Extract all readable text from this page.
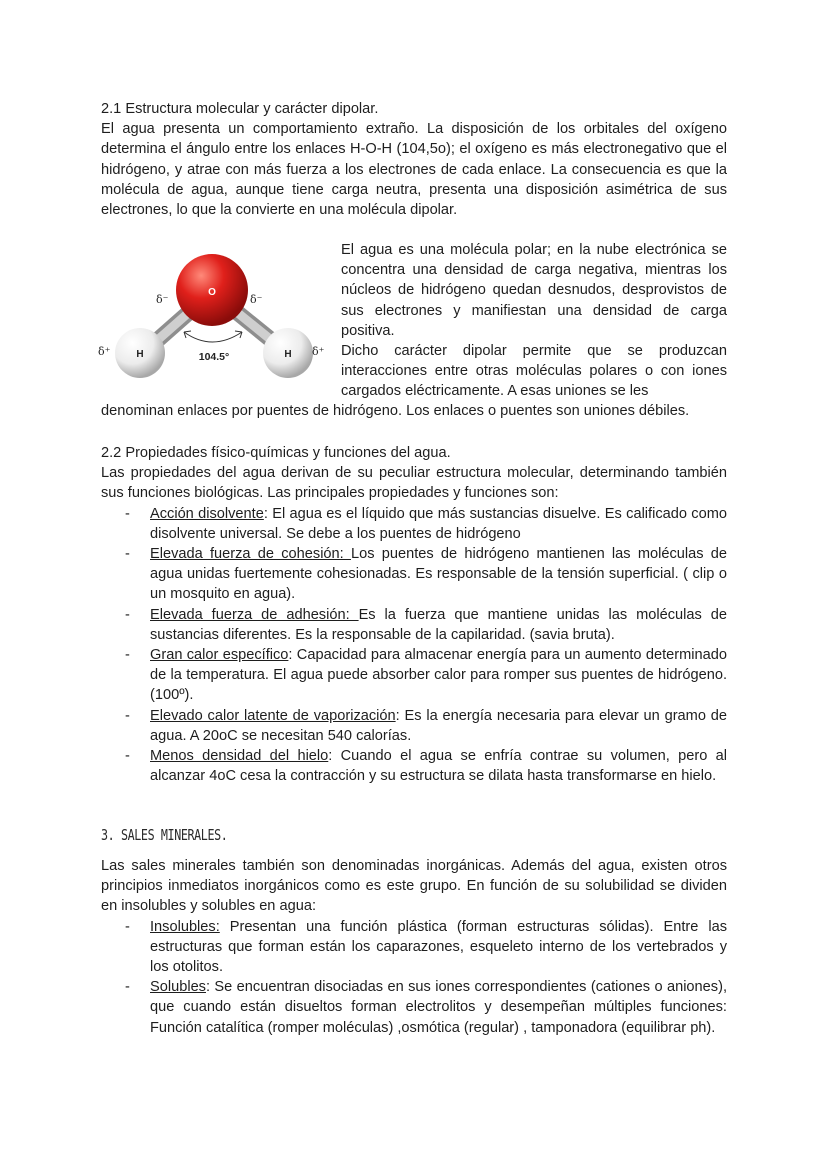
2.1 Estructura molecular y carácter dipolar.

El agua presenta un comportamiento extraño. La disposición de los orbitales del oxígeno determina el ángulo entre los enlaces H-O-H (104,5o); el oxígeno es más electronegativo que el hidrógeno, y atrae con más fuerza a los electrones de cada enlace. La consecuencia es que la molécula de agua, aunque tiene carga neutra, presenta una disposición asimétrica de sus electrones, lo que la convierte en una molécula dipolar.

O
H	H
δ⁻	δ⁻
δ⁺	δ⁺
104.5°

El agua es una molécula polar; en la nube electrónica se concentra una densidad de carga negativa, mientras los núcleos de hidrógeno quedan desnudos, desprovistos de sus electrones y manifiestan una densidad de carga positiva.

Dicho carácter dipolar permite que se produzcan interacciones entre otras moléculas polares o con iones cargados eléctricamente. A esas uniones se les

denominan enlaces por puentes de hidrógeno. Los enlaces o puentes son uniones débiles.

2.2 Propiedades físico-químicas y funciones del agua.

Las propiedades del agua derivan de su peculiar estructura molecular, determinando también sus funciones biológicas. Las principales propiedades y funciones son:

- Acción disolvente: El agua es el líquido que más sustancias disuelve. Es calificado como disolvente universal. Se debe a los puentes de hidrógeno
- Elevada fuerza de cohesión: Los puentes de hidrógeno mantienen las moléculas de agua unidas fuertemente cohesionadas. Es responsable de la tensión superficial. ( clip o un mosquito en agua).
- Elevada fuerza de adhesión: Es la fuerza que mantiene unidas las moléculas de sustancias diferentes. Es la responsable de la capilaridad. (savia bruta).
- Gran calor específico: Capacidad para almacenar energía para un aumento determinado de la temperatura. El agua puede absorber calor para romper sus puentes de hidrógeno. (100º).
- Elevado calor latente de vaporización: Es la energía necesaria para elevar un gramo de agua. A 20oC se necesitan 540 calorías.
- Menos densidad del hielo: Cuando el agua se enfría contrae su volumen, pero al alcanzar 4oC cesa la contracción y su estructura se dilata hasta transformarse en hielo.
3. SALES MINERALES.

Las sales minerales también son denominadas inorgánicas. Además del agua, existen otros principios inmediatos inorgánicos como es este grupo. En función de su solubilidad se dividen en insolubles y solubles en agua:

- Insolubles: Presentan una función plástica (forman estructuras sólidas). Entre las estructuras que forman están los caparazones, esqueleto interno de los vertebrados y los otolitos.
- Solubles: Se encuentran disociadas en sus iones correspondientes (cationes o aniones), que cuando están disueltos forman electrolitos y desempeñan múltiples funciones: Función catalítica (romper moléculas) ,osmótica (regular) , tamponadora (equilibrar ph).
